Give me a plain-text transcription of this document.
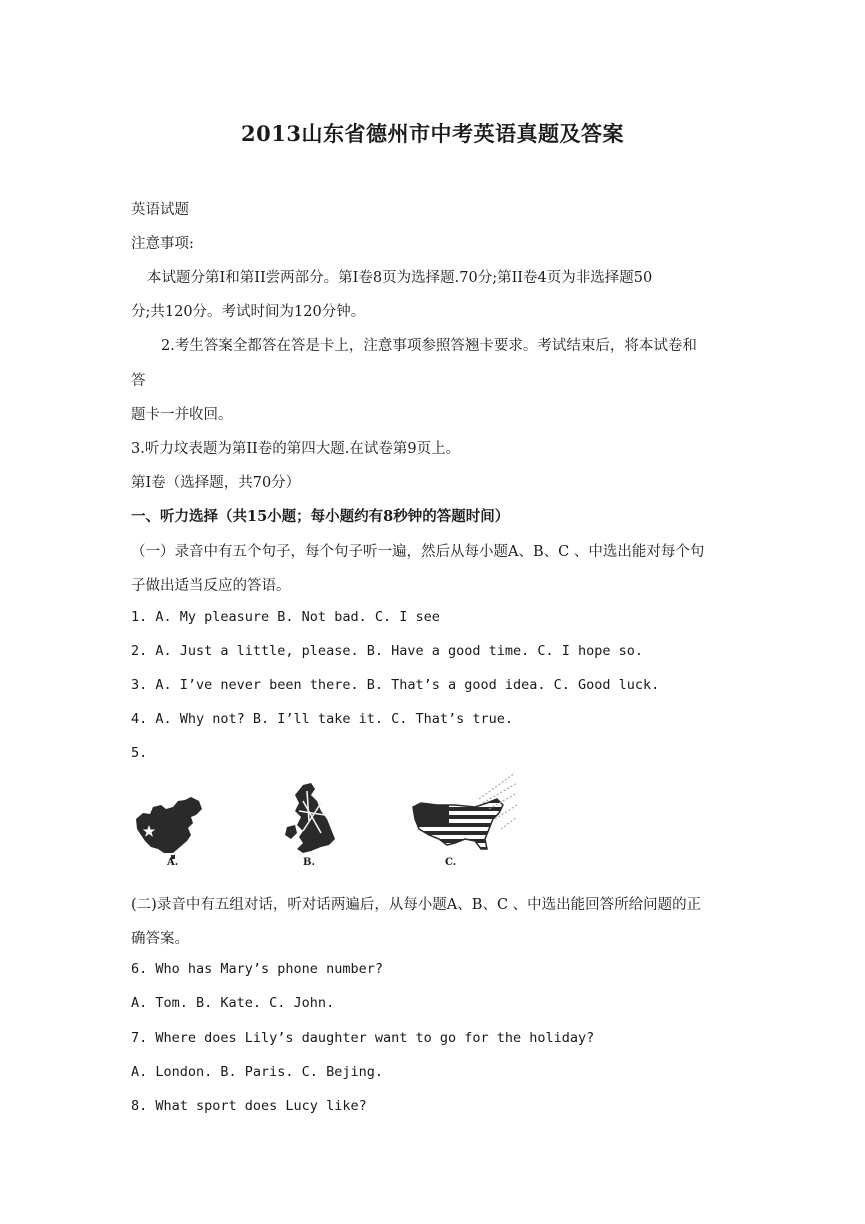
2013山东省德州市中考英语真题及答案
英语试题
注意事项:
本试题分第I和第II尝两部分。第I卷8页为选择题.70分;第II卷4页为非选择题50
分;共120分。考试时间为120分钟。
2.考生答案全都答在答是卡上，注意事项参照答翘卡要求。考试结束后，将本试卷和
答
题卡一并收回。
3.听力坟表题为第II卷的第四大题.在试卷第9页上。
第I卷（选择题，共70分）
一、听力选择（共15小题；每小题约有8秒钟的答题时间）
（一）录音中有五个句子，每个句子听一遍，然后从每小题A、B、C 、中选出能对每个句
子做出适当反应的答语。
1. A. My pleasure B. Not bad. C. I see
2. A. Just a little, please. B. Have a good time. C. I hope so.
3. A. I’ve never been there. B. That’s a good idea. C. Good luck.
4. A. Why not? B. I’ll take it. C. That’s true.
5.
A.	B.	C.
(二)录音中有五组对话，听对话两遍后，从每小题A、B、C 、中选出能回答所给问题的正
确答案。
6. Who has Mary’s phone number?
A. Tom. B. Kate. C. John.
7. Where does Lily’s daughter want to go for the holiday?
A. London. B. Paris. C. Bejing.
8. What sport does Lucy like?
